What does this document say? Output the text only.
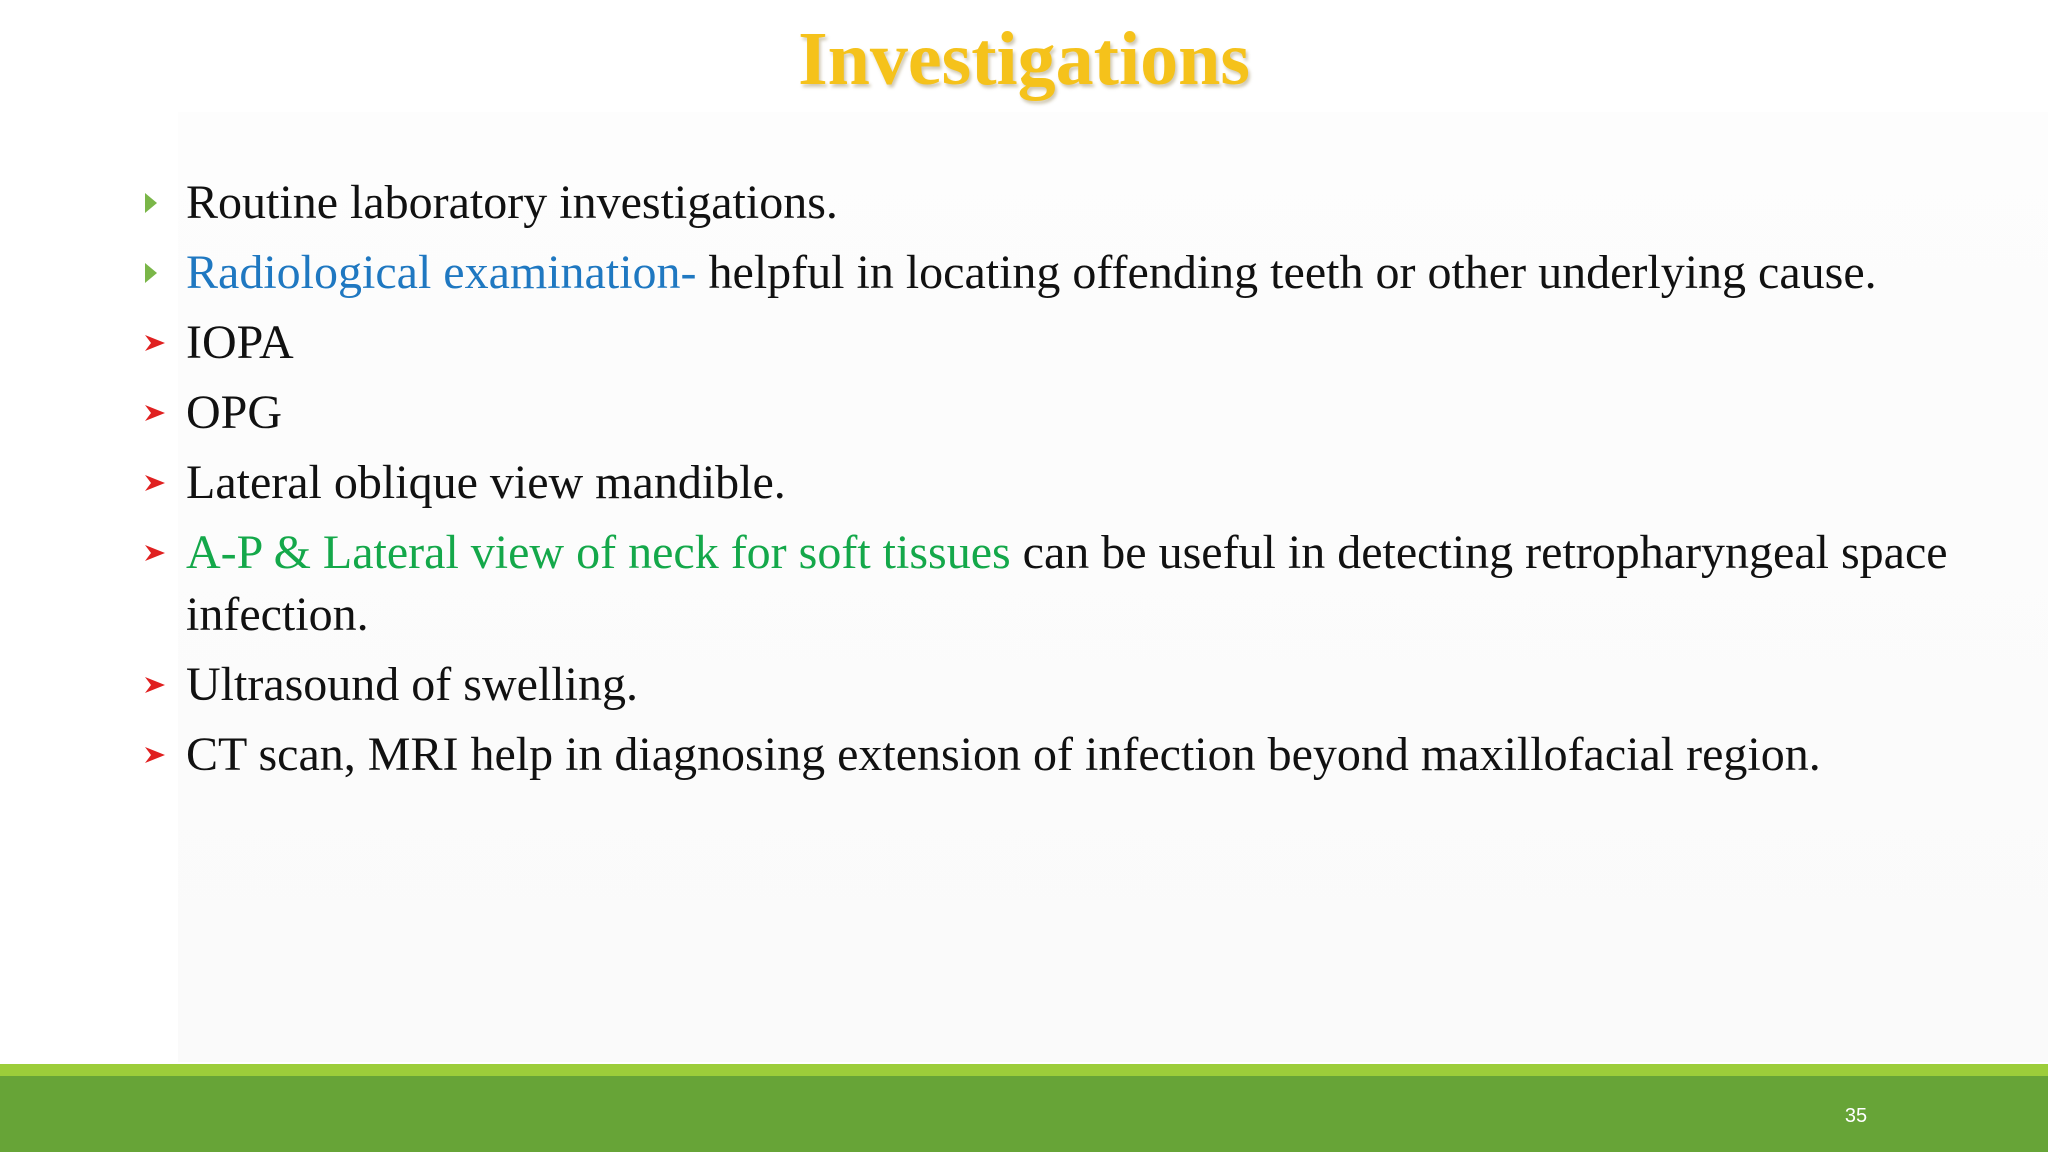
Investigations
Routine laboratory investigations.
Radiological examination- helpful in locating offending teeth or other underlying cause.
IOPA
OPG
Lateral oblique view mandible.
A-P & Lateral view of neck for soft tissues can be useful in detecting retropharyngeal space infection.
Ultrasound of swelling.
CT scan, MRI help in diagnosing extension of infection beyond maxillofacial region.
35
